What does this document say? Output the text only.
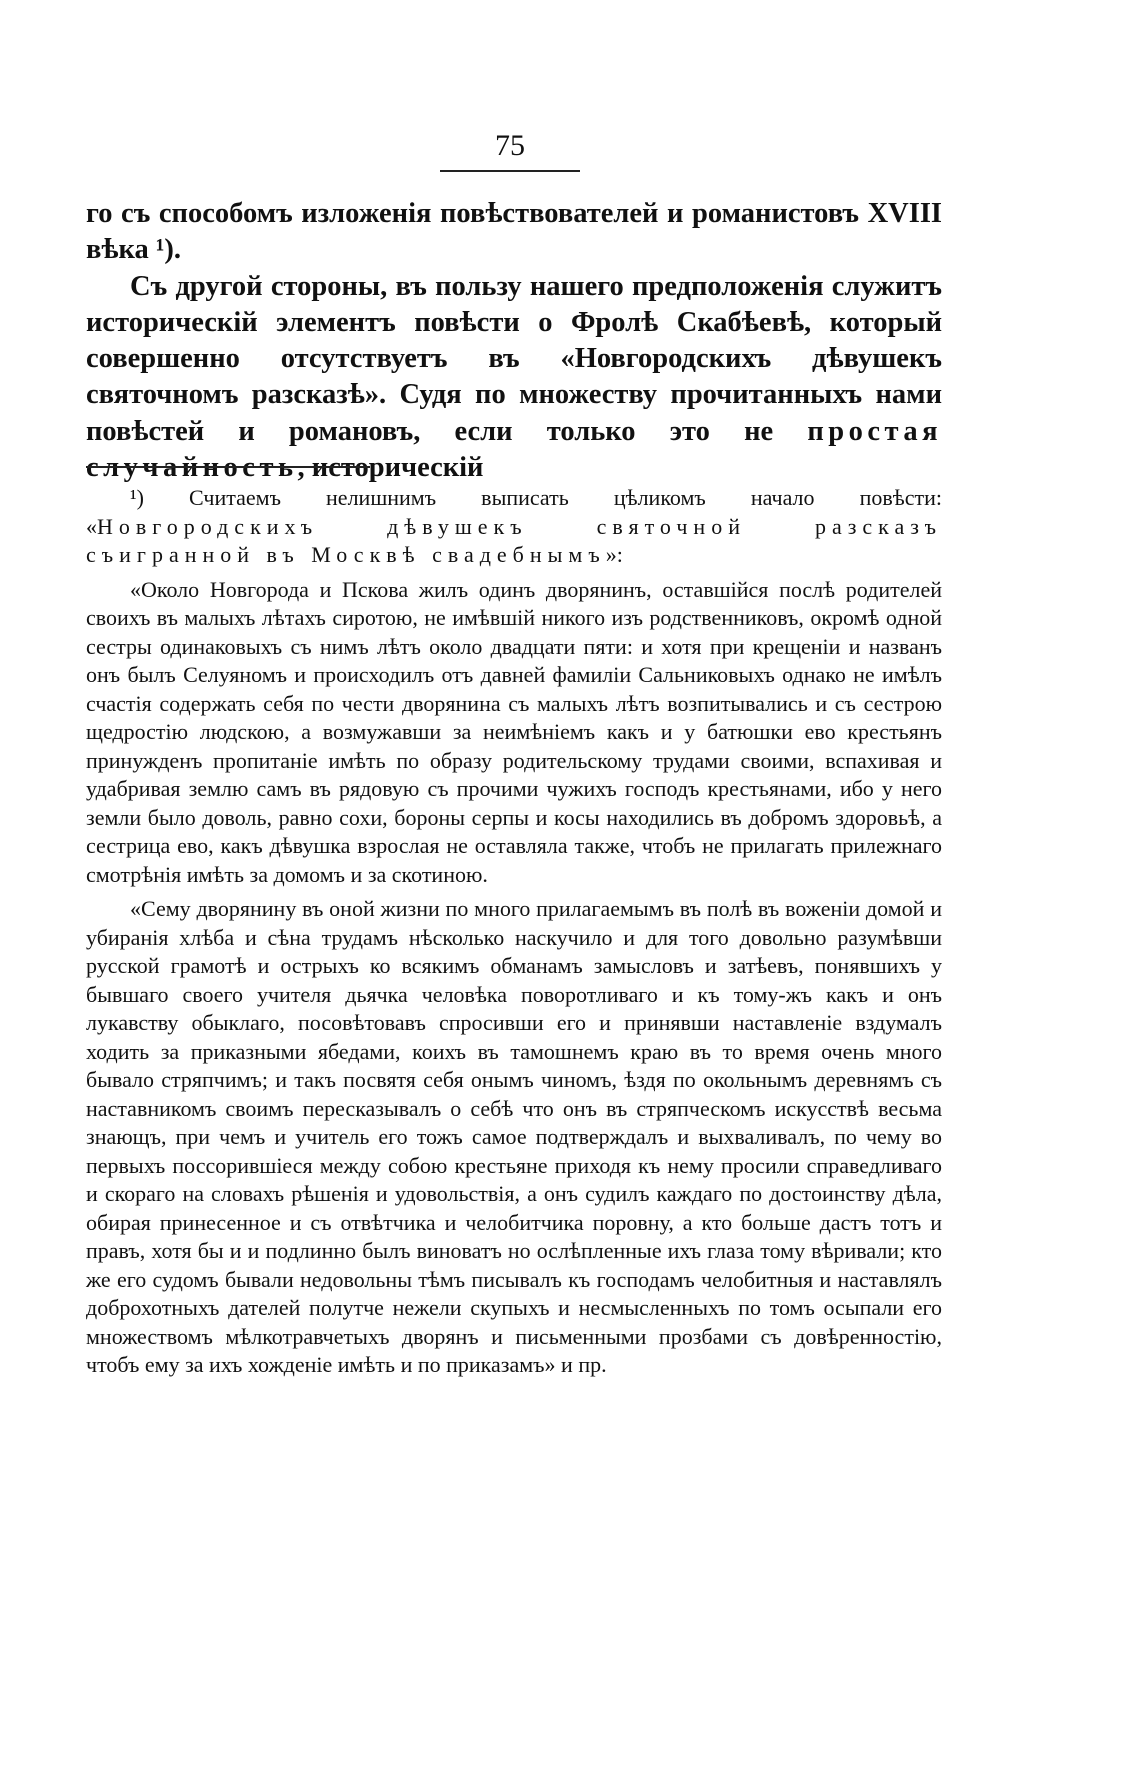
75

го съ способомъ изложенія повѣствователей и романистовъ XVIII вѣка ¹).

Съ другой стороны, въ пользу нашего предположенія служитъ историческій элементъ повѣсти о Фролѣ Скабѣевѣ, который совершенно отсутствуетъ въ «Новгородскихъ дѣвушекъ святочномъ разсказѣ». Судя по множеству прочитанныхъ нами повѣстей и романовъ, если только это не простая случайность, историческій

¹) Считаемъ нелишнимъ выписать цѣликомъ начало повѣсти: «Новгородскихъ дѣвушекъ святочной разсказъ съигранной въ Москвѣ свадебнымъ»:

«Около Новгорода и Пскова жилъ одинъ дворянинъ, оставшійся послѣ родителей своихъ въ малыхъ лѣтахъ сиротою, не имѣвшій никого изъ родственниковъ, окромѣ одной сестры одинаковыхъ съ нимъ лѣтъ около двадцати пяти: и хотя при крещеніи и названъ онъ былъ Селуяномъ и происходилъ отъ давней фамиліи Сальниковыхъ однако не имѣлъ счастія содержать себя по чести дворянина съ малыхъ лѣтъ возпитывались и съ сестрою щедростію людскою, а возмужавши за неимѣніемъ какъ и у батюшки ево крестьянъ принужденъ пропитаніе имѣть по образу родительскому трудами своими, вспахивая и удабривая землю самъ въ рядовую съ прочими чужихъ господъ крестьянами, ибо у него земли было доволь, равно сохи, бороны серпы и косы находились въ добромъ здоровьѣ, а сестрица ево, какъ дѣвушка взрослая не оставляла также, чтобъ не прилагать прилежнаго смотрѣнія имѣть за домомъ и за скотиною.

«Сему дворянину въ оной жизни по много прилагаемымъ въ полѣ въ воженіи домой и убиранія хлѣба и сѣна трудамъ нѣсколько наскучило и для того довольно разумѣвши русской грамотѣ и острыхъ ко всякимъ обманамъ замысловъ и затѣевъ, понявшихъ у бывшаго своего учителя дьячка человѣка поворотливаго и къ тому-жъ какъ и онъ лукавству обыклаго, посовѣтовавъ спросивши его и принявши наставленіе вздумалъ ходить за приказными ябедами, коихъ въ тамошнемъ краю въ то время очень много бывало стряпчимъ; и такъ посвятя себя онымъ чиномъ, ѣздя по окольнымъ деревнямъ съ наставникомъ своимъ пересказывалъ о себѣ что онъ въ стряпческомъ искусствѣ весьма знающъ, при чемъ и учитель его тожъ самое подтверждалъ и выхваливалъ, по чему во первыхъ поссорившіеся между собою крестьяне приходя къ нему просили справедливаго и скораго на словахъ рѣшенія и удовольствія, а онъ судилъ каждаго по достоинству дѣла, обирая принесенное и съ отвѣтчика и челобитчика поровну, а кто больше дастъ тотъ и правъ, хотя бы и и подлинно былъ виноватъ но ослѣпленные ихъ глаза тому вѣривали; кто же его судомъ бывали недовольны тѣмъ писывалъ къ господамъ челобитныя и наставлялъ доброхотныхъ дателей полутче нежели скупыхъ и несмысленныхъ по томъ осыпали его множествомъ мѣлкотравчетыхъ дворянъ и письменными прозбами съ довѣренностію, чтобъ ему за ихъ хожденіе имѣть и по приказамъ» и пр.
